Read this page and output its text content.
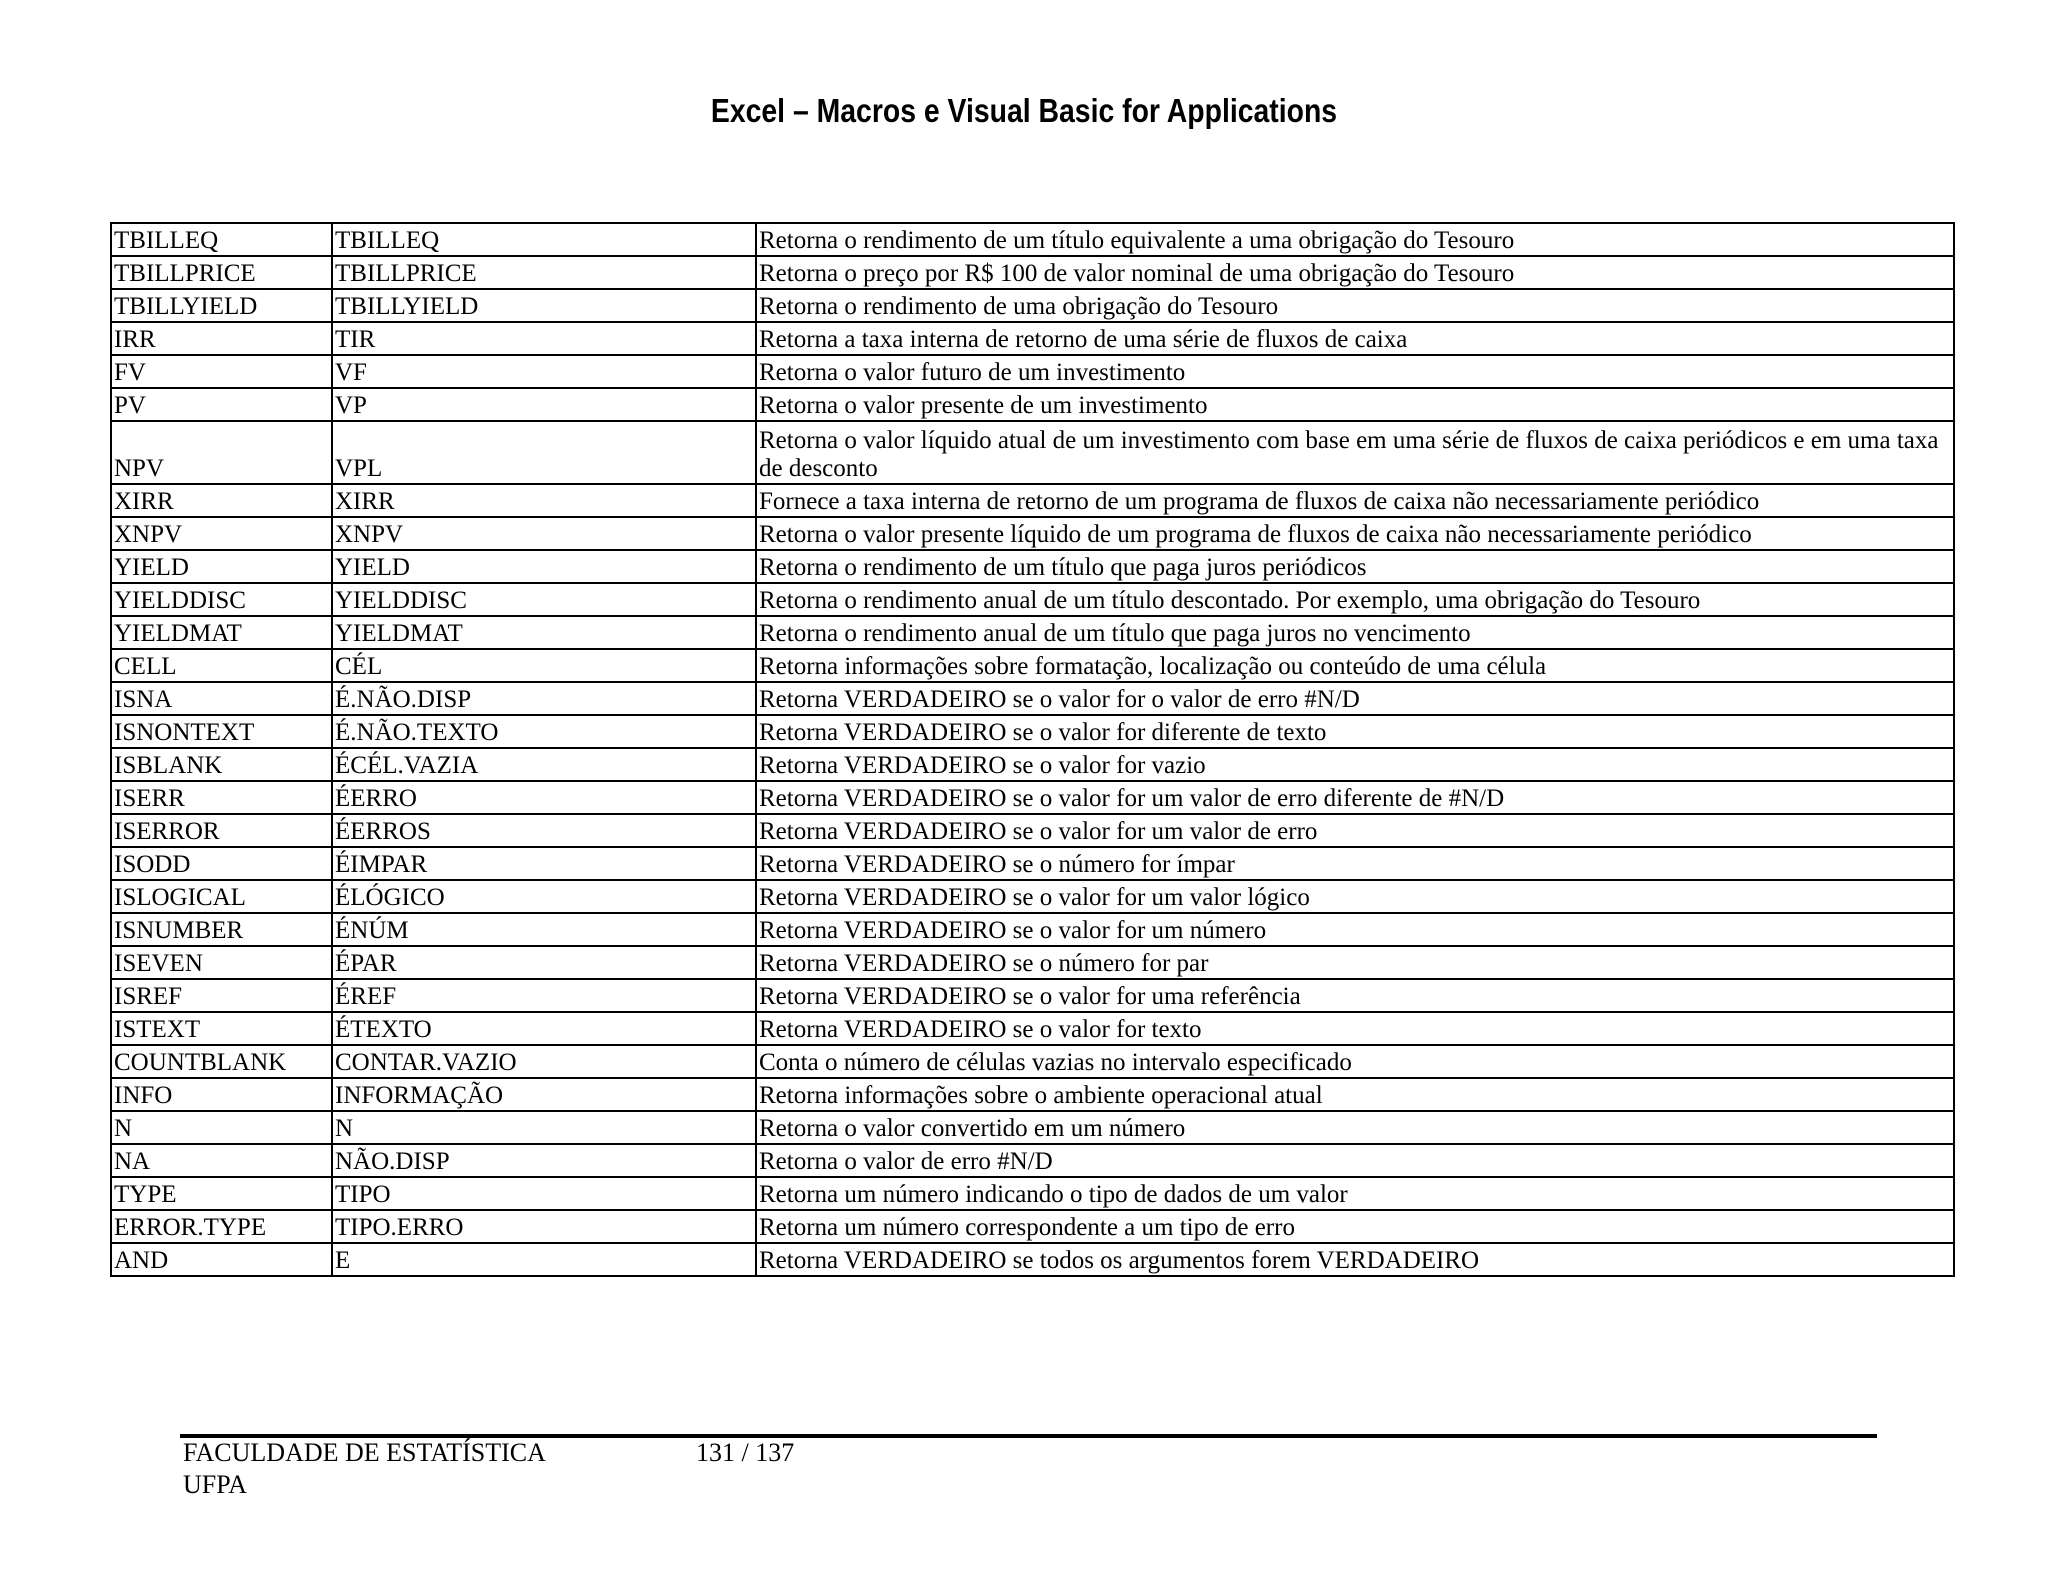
Excel – Macros e Visual Basic for Applications
TBILLEQ	TBILLEQ	Retorna o rendimento de um título equivalente a uma obrigação do Tesouro
TBILLPRICE	TBILLPRICE	Retorna o preço por R$ 100 de valor nominal de uma obrigação do Tesouro
TBILLYIELD	TBILLYIELD	Retorna o rendimento de uma obrigação do Tesouro
IRR	TIR	Retorna a taxa interna de retorno de uma série de fluxos de caixa
FV	VF	Retorna o valor futuro de um investimento
PV	VP	Retorna o valor presente de um investimento
NPV	VPL	Retorna o valor líquido atual de um investimento com base em uma série de fluxos de caixa periódicos e em uma taxa de desconto
XIRR	XIRR	Fornece a taxa interna de retorno de um programa de fluxos de caixa não necessariamente periódico
XNPV	XNPV	Retorna o valor presente líquido de um programa de fluxos de caixa não necessariamente periódico
YIELD	YIELD	Retorna o rendimento de um título que paga juros periódicos
YIELDDISC	YIELDDISC	Retorna o rendimento anual de um título descontado. Por exemplo, uma obrigação do Tesouro
YIELDMAT	YIELDMAT	Retorna o rendimento anual de um título que paga juros no vencimento
CELL	CÉL	Retorna informações sobre formatação, localização ou conteúdo de uma célula
ISNA	É.NÃO.DISP	Retorna VERDADEIRO se o valor for o valor de erro #N/D
ISNONTEXT	É.NÃO.TEXTO	Retorna VERDADEIRO se o valor for diferente de texto
ISBLANK	ÉCÉL.VAZIA	Retorna VERDADEIRO se o valor for vazio
ISERR	ÉERRO	Retorna VERDADEIRO se o valor for um valor de erro diferente de #N/D
ISERROR	ÉERROS	Retorna VERDADEIRO se o valor for um valor de erro
ISODD	ÉIMPAR	Retorna VERDADEIRO se o número for ímpar
ISLOGICAL	ÉLÓGICO	Retorna VERDADEIRO se o valor for um valor lógico
ISNUMBER	ÉNÚM	Retorna VERDADEIRO se o valor for um número
ISEVEN	ÉPAR	Retorna VERDADEIRO se o número for par
ISREF	ÉREF	Retorna VERDADEIRO se o valor for uma referência
ISTEXT	ÉTEXTO	Retorna VERDADEIRO se o valor for texto
COUNTBLANK	CONTAR.VAZIO	Conta o número de células vazias no intervalo especificado
INFO	INFORMAÇÃO	Retorna informações sobre o ambiente operacional atual
N	N	Retorna o valor convertido em um número
NA	NÃO.DISP	Retorna o valor de erro #N/D
TYPE	TIPO	Retorna um número indicando o tipo de dados de um valor
ERROR.TYPE	TIPO.ERRO	Retorna um número correspondente a um tipo de erro
AND	E	Retorna VERDADEIRO se todos os argumentos forem VERDADEIRO
FACULDADE DE ESTATÍSTICA
UFPA
131 / 137
